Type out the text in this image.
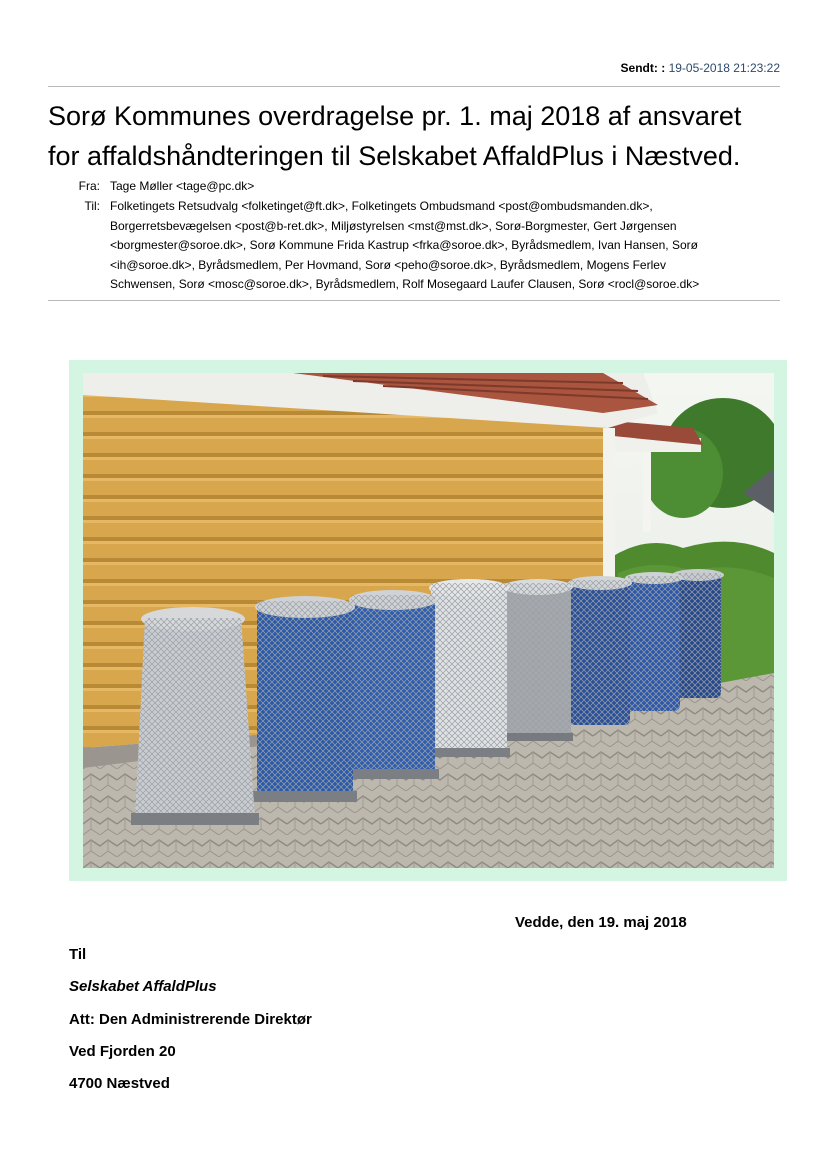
Sendt: : 19-05-2018 21:23:22
Sorø Kommunes overdragelse pr. 1. maj 2018 af ansvaret
for affaldshåndteringen til Selskabet AffaldPlus i Næstved.
Fra: Tage Møller <tage@pc.dk>
Til: Folketingets Retsudvalg <folketinget@ft.dk>, Folketingets Ombudsmand <post@ombudsmanden.dk>,
Borgerretsbevægelsen <post@b-ret.dk>, Miljøstyrelsen <mst@mst.dk>, Sorø-Borgmester, Gert Jørgensen
<borgmester@soroe.dk>, Sorø Kommune Frida Kastrup <frka@soroe.dk>, Byrådsmedlem, Ivan Hansen, Sorø
<ih@soroe.dk>, Byrådsmedlem, Per Hovmand, Sorø <peho@soroe.dk>, Byrådsmedlem, Mogens Ferlev
Schwensen, Sorø <mosc@soroe.dk>, Byrådsmedlem, Rolf Mosegaard Laufer Clausen, Sorø <rocl@soroe.dk>
Vedde, den 19. maj 2018
Til
Selskabet AffaldPlus
Att: Den Administrerende Direktør
Ved Fjorden 20
4700 Næstved
